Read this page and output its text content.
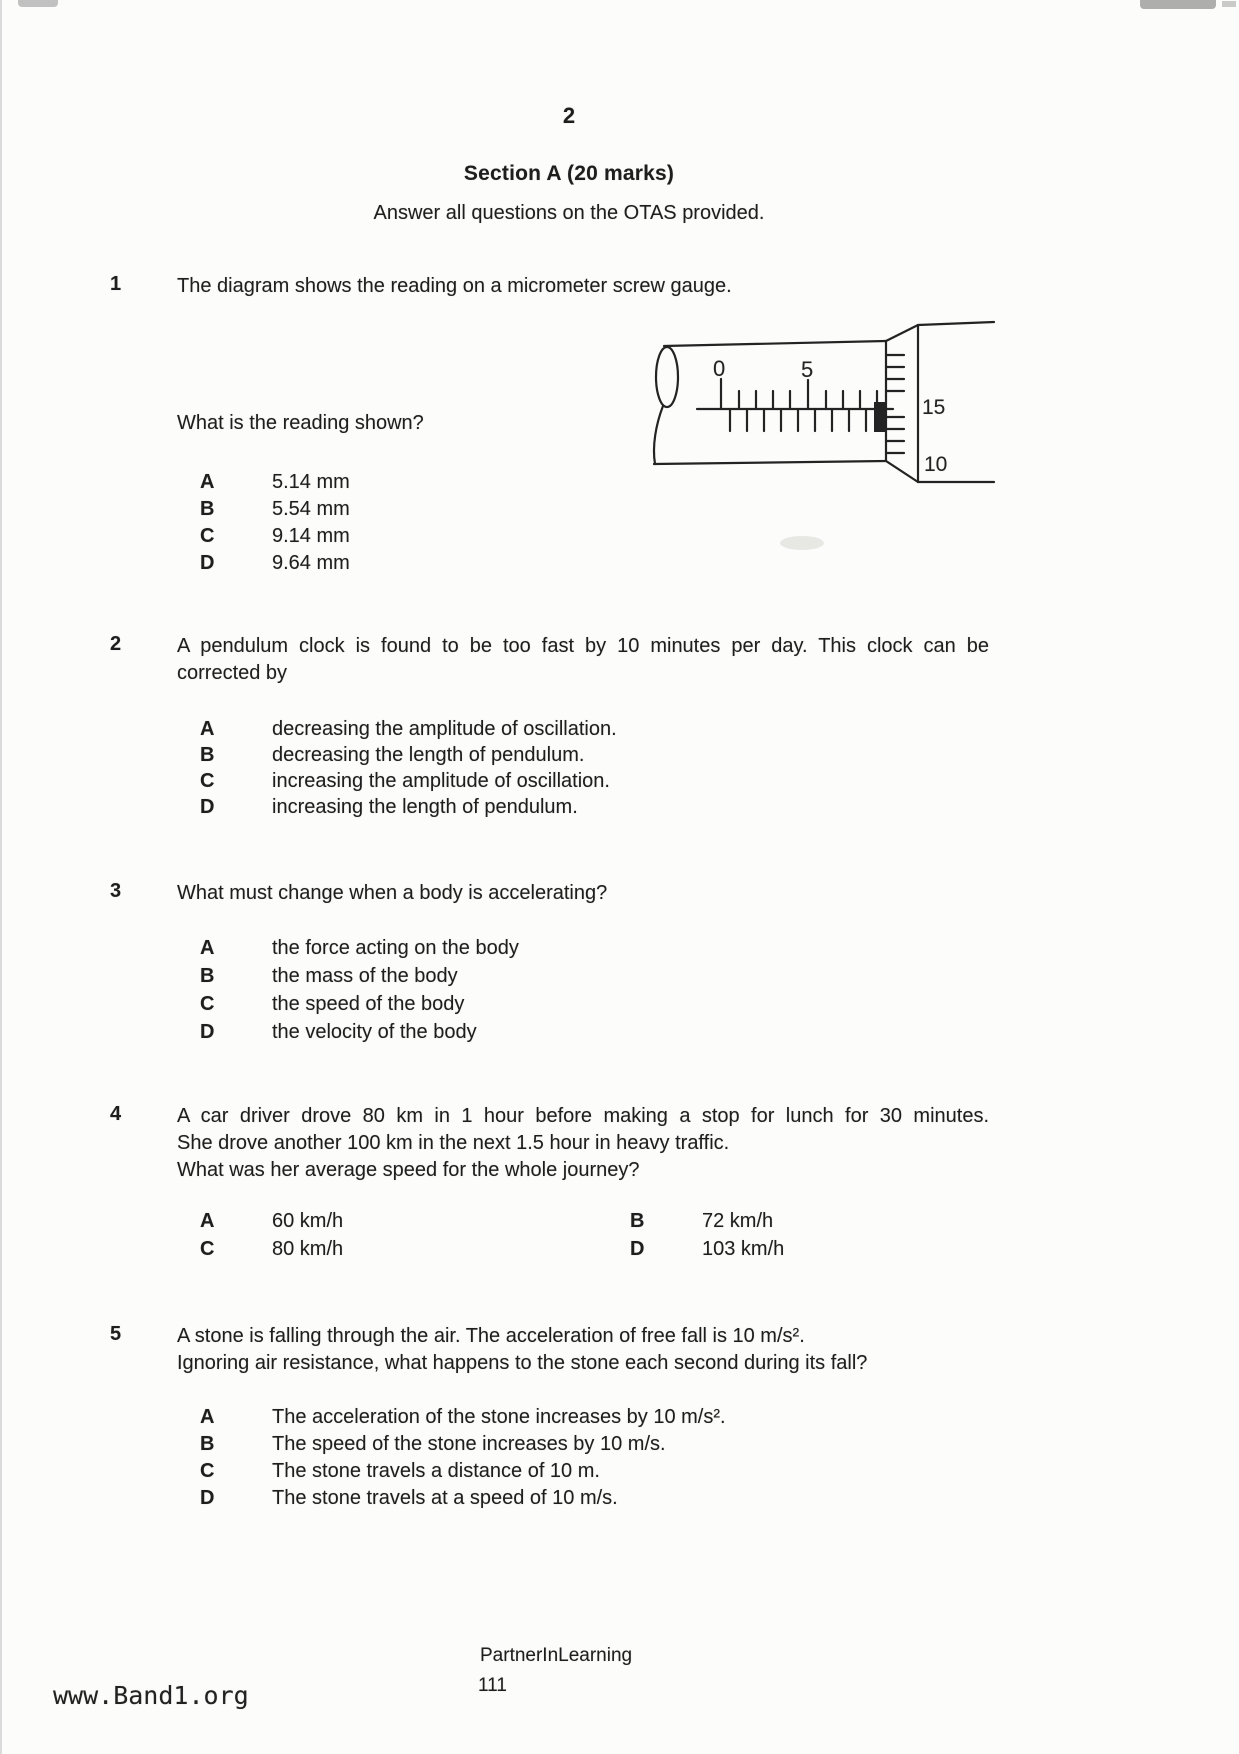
2
Section A (20 marks)
Answer all questions on the OTAS provided.
1	The diagram shows the reading on a micrometer screw gauge.
0	5
15
10
What is the reading shown?
A	5.14 mm
B	5.54 mm
C	9.14 mm
D	9.64 mm
2	A pendulum clock is found to be too fast by 10 minutes per day. This clock can be
corrected by
A	decreasing the amplitude of oscillation.
B	decreasing the length of pendulum.
C	increasing the amplitude of oscillation.
D	increasing the length of pendulum.
3	What must change when a body is accelerating?
A	the force acting on the body
B	the mass of the body
C	the speed of the body
D	the velocity of the body
4	A car driver drove 80 km in 1 hour before making a stop for lunch for 30 minutes.
She drove another 100 km in the next 1.5 hour in heavy traffic.
What was her average speed for the whole journey?
A	60 km/h	B	72 km/h
C	80 km/h	D	103 km/h
5	A stone is falling through the air. The acceleration of free fall is 10 m/s².
Ignoring air resistance, what happens to the stone each second during its fall?
A	The acceleration of the stone increases by 10 m/s².
B	The speed of the stone increases by 10 m/s.
C	The stone travels a distance of 10 m.
D	The stone travels at a speed of 10 m/s.
PartnerInLearning
111
www.Band1.org
